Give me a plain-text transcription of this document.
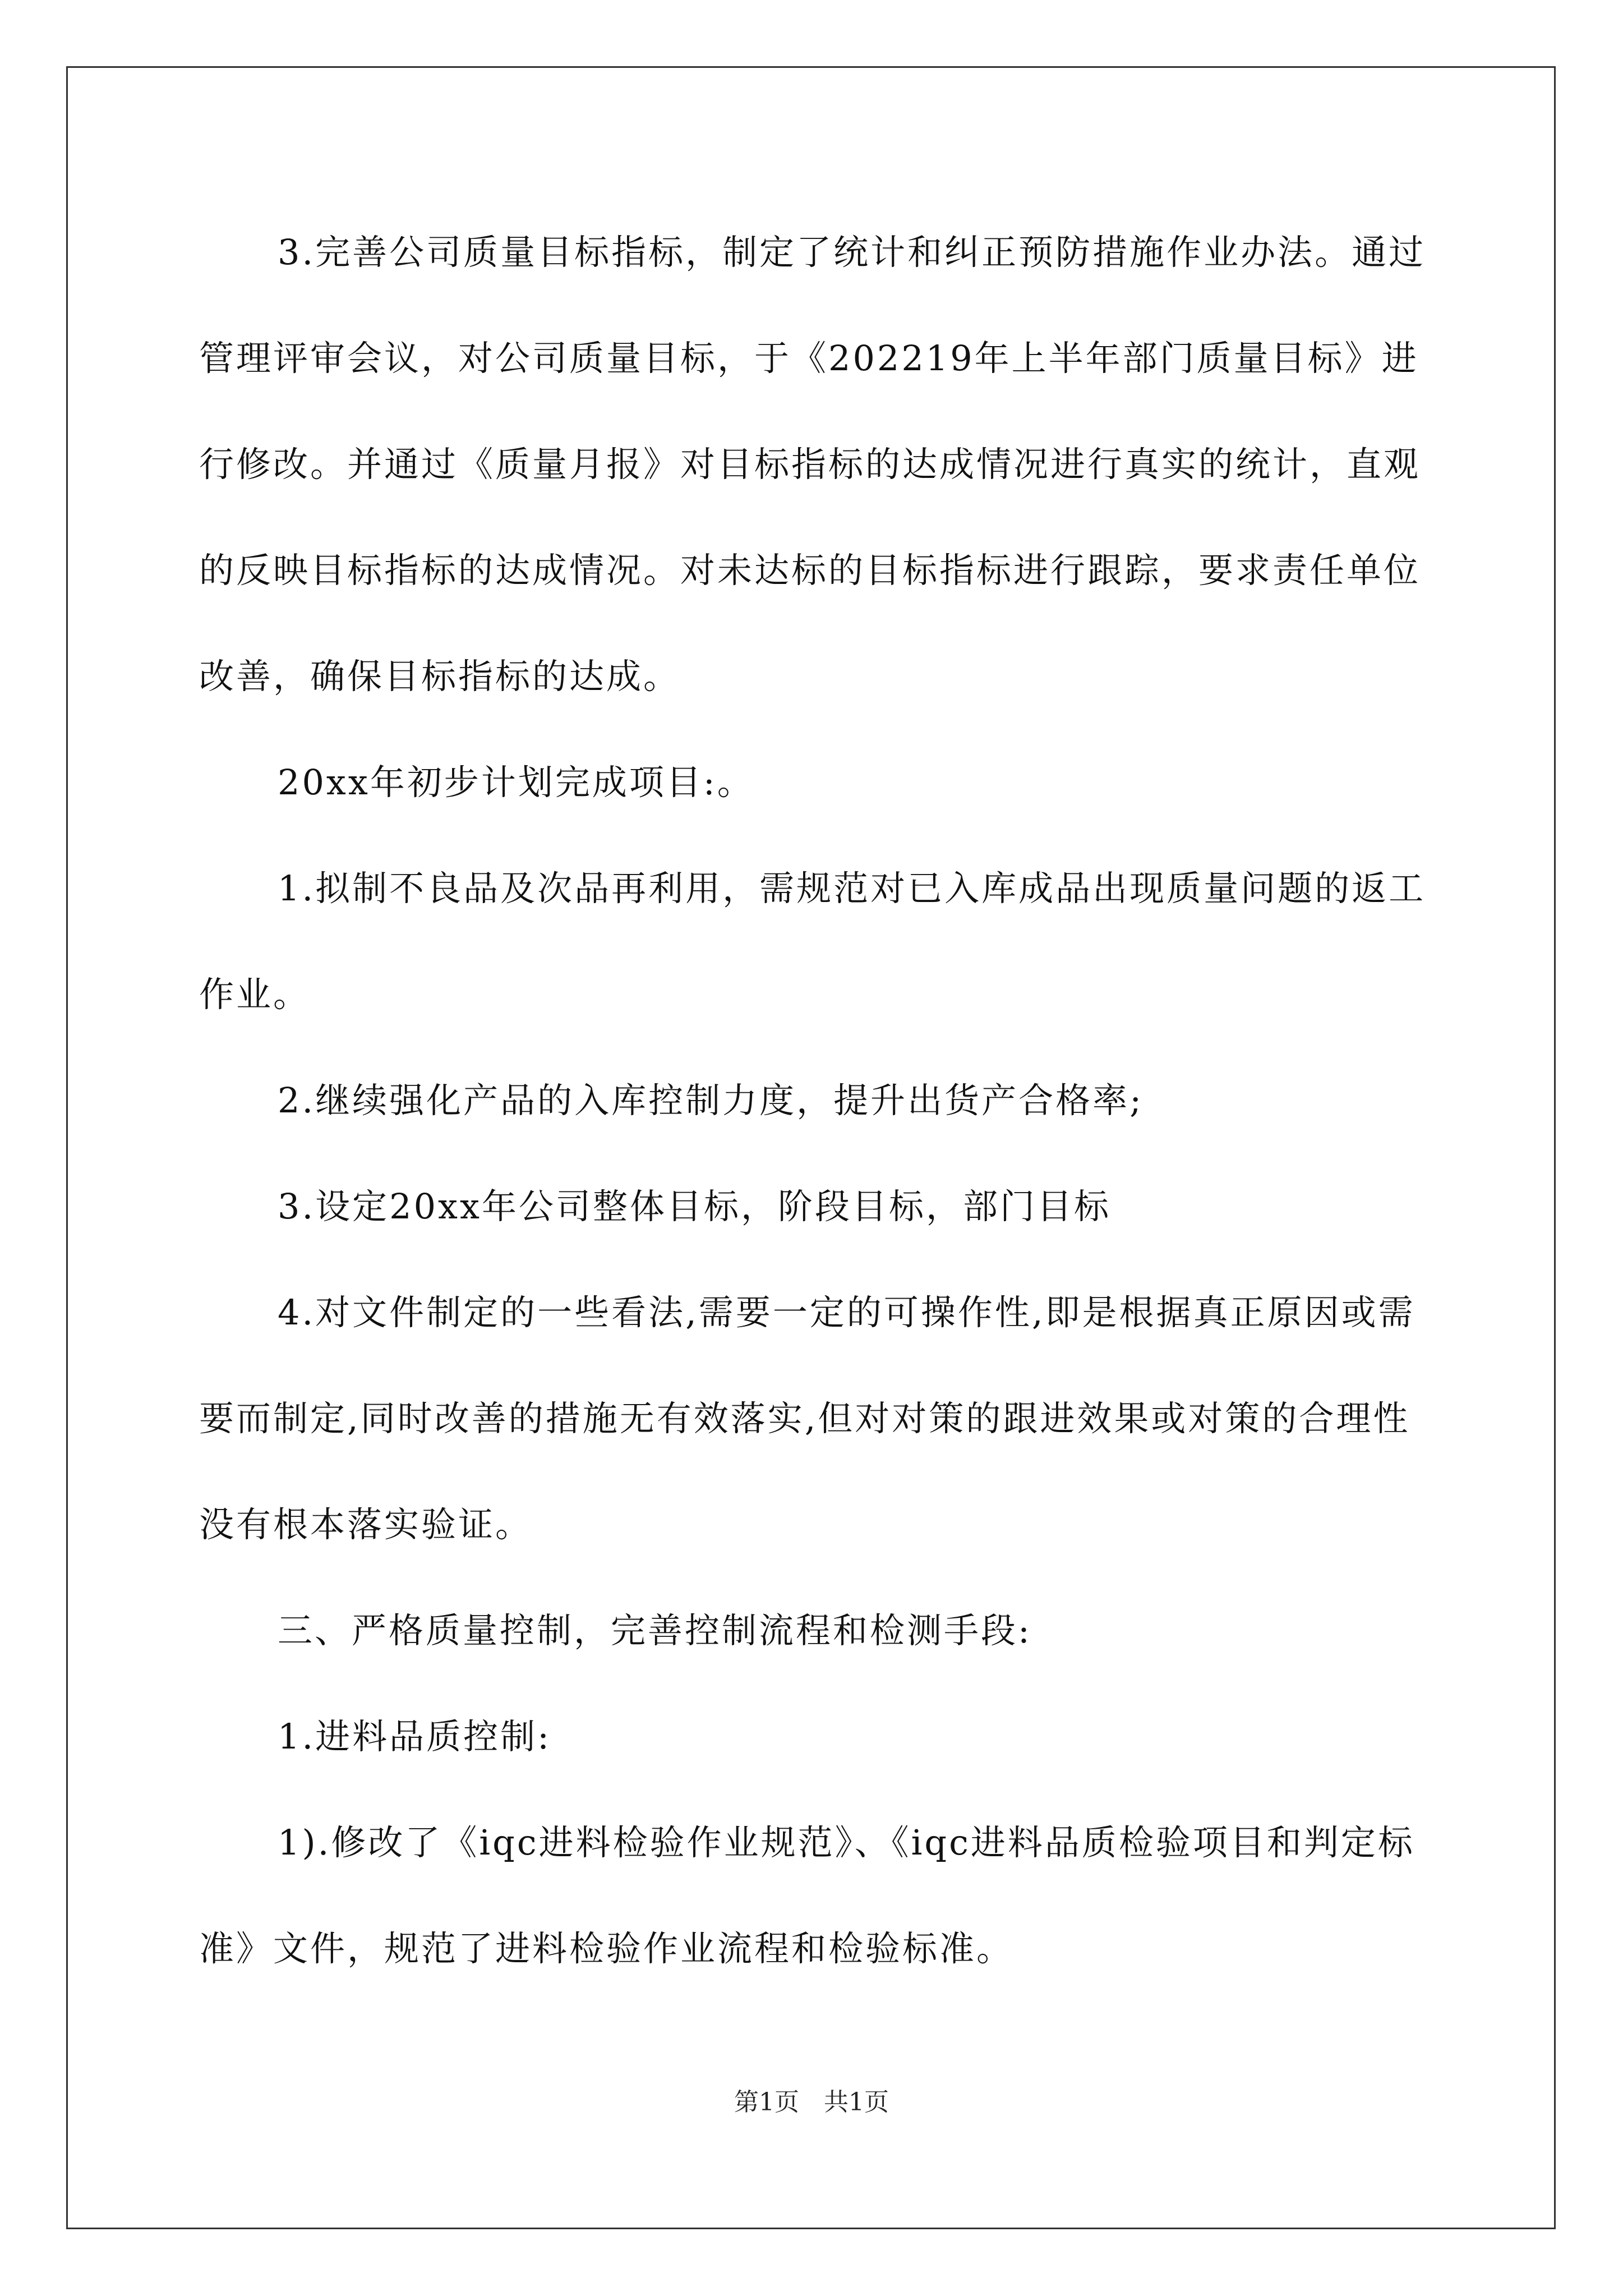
3.完善公司质量目标指标，制定了统计和纠正预防措施作业办法。通过管理评审会议，对公司质量目标，于《202219年上半年部门质量目标》进行修改。并通过《质量月报》对目标指标的达成情况进行真实的统计，直观的反映目标指标的达成情况。对未达标的目标指标进行跟踪，要求责任单位改善，确保目标指标的达成。

20xx年初步计划完成项目:。

1.拟制不良品及次品再利用，需规范对已入库成品出现质量问题的返工作业。

2.继续强化产品的入库控制力度，提升出货产合格率;

3.设定20xx年公司整体目标，阶段目标，部门目标

4.对文件制定的一些看法,需要一定的可操作性,即是根据真正原因或需要而制定,同时改善的措施无有效落实,但对对策的跟进效果或对策的合理性没有根本落实验证。

三、严格质量控制，完善控制流程和检测手段:

1.进料品质控制:

1).修改了《iqc进料检验作业规范》、《iqc进料品质检验项目和判定标准》文件，规范了进料检验作业流程和检验标准。

第1页　共1页
